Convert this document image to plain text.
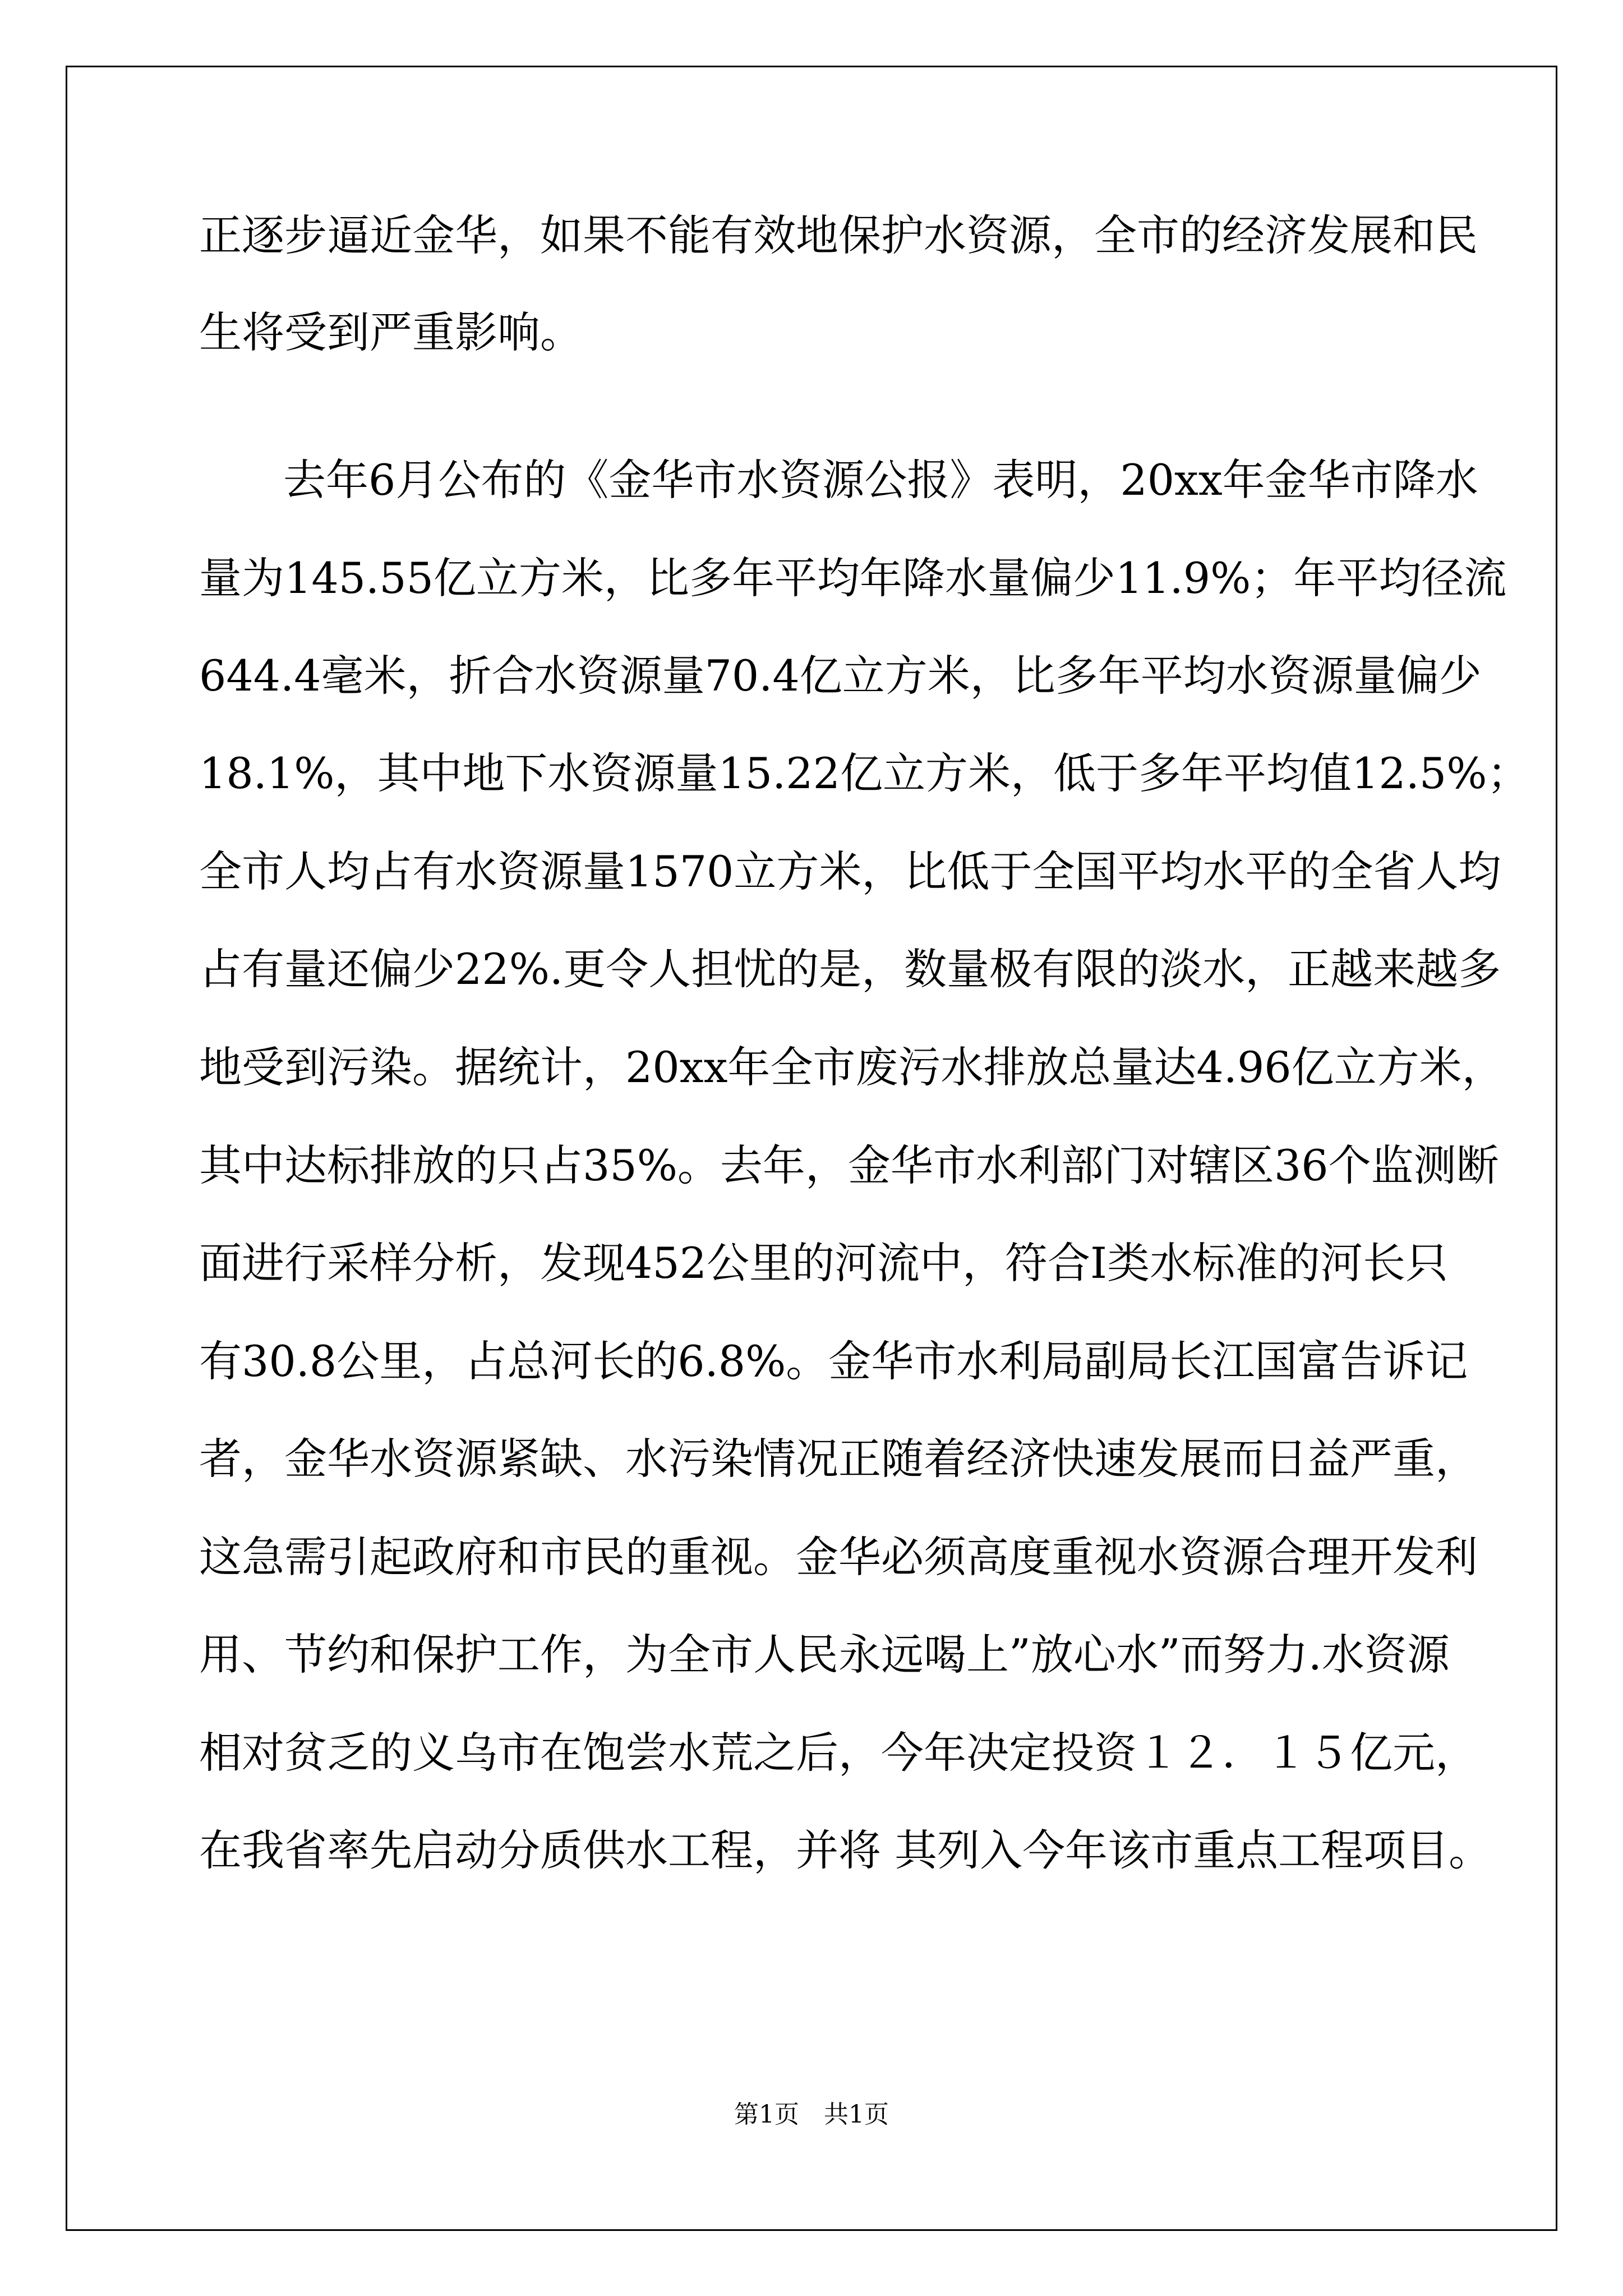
正逐步逼近金华，如果不能有效地保护水资源，全市的经济发展和民
生将受到严重影响。
去年6月公布的《金华市水资源公报》表明，20xx年金华市降水
量为145.55亿立方米，比多年平均年降水量偏少11.9%；年平均径流
644.4毫米，折合水资源量70.4亿立方米，比多年平均水资源量偏少
18.1%，其中地下水资源量15.22亿立方米，低于多年平均值12.5%；
全市人均占有水资源量1570立方米，比低于全国平均水平的全省人均
占有量还偏少22%.更令人担忧的是，数量极有限的淡水，正越来越多
地受到污染。据统计，20xx年全市废污水排放总量达4.96亿立方米，
其中达标排放的只占35%。去年，金华市水利部门对辖区36个监测断
面进行采样分析，发现452公里的河流中，符合Ⅰ类水标准的河长只
有30.8公里，占总河长的6.8%。金华市水利局副局长江国富告诉记
者，金华水资源紧缺、水污染情况正随着经济快速发展而日益严重，
这急需引起政府和市民的重视。金华必须高度重视水资源合理开发利
用、节约和保护工作，为全市人民永远喝上”放心水”而努力.水资源
相对贫乏的义乌市在饱尝水荒之后，今年决定投资１２．１５亿元，
在我省率先启动分质供水工程，并将 其列入今年该市重点工程项目。
第1页　共1页
